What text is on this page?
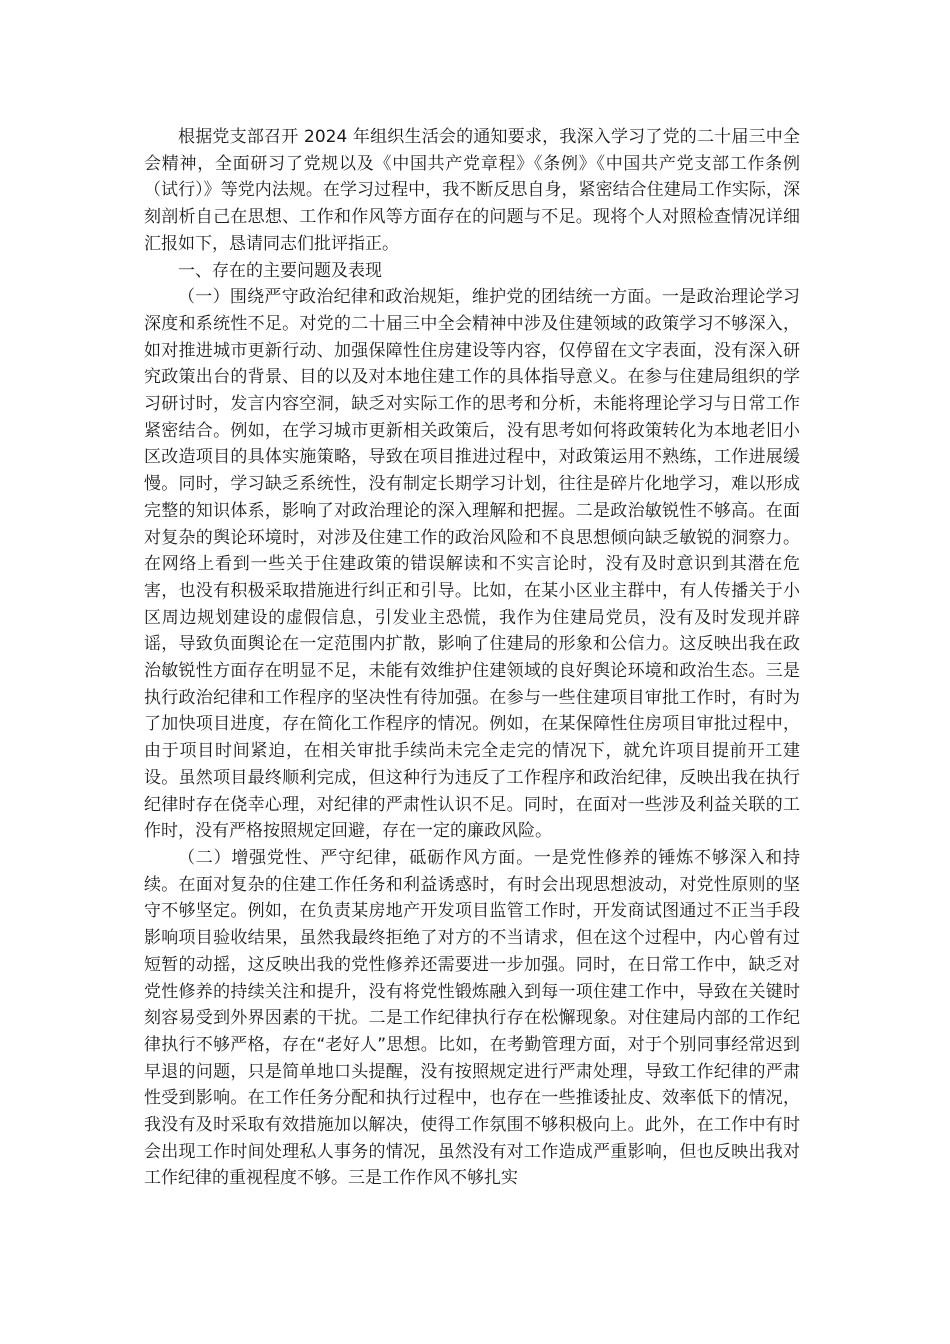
根据党支部召开 2024 年组织生活会的通知要求，我深入学习了党的二十届三中全会精神，全面研习了党规以及《中国共产党章程》《条例》《中国共产党支部工作条例（试行）》等党内法规。在学习过程中，我不断反思自身，紧密结合住建局工作实际，深刻剖析自己在思想、工作和作风等方面存在的问题与不足。现将个人对照检查情况详细汇报如下，恳请同志们批评指正。

一、存在的主要问题及表现

（一）围绕严守政治纪律和政治规矩，维护党的团结统一方面。一是政治理论学习深度和系统性不足。对党的二十届三中全会精神中涉及住建领域的政策学习不够深入，如对推进城市更新行动、加强保障性住房建设等内容，仅停留在文字表面，没有深入研究政策出台的背景、目的以及对本地住建工作的具体指导意义。在参与住建局组织的学习研讨时，发言内容空洞，缺乏对实际工作的思考和分析，未能将理论学习与日常工作紧密结合。例如，在学习城市更新相关政策后，没有思考如何将政策转化为本地老旧小区改造项目的具体实施策略，导致在项目推进过程中，对政策运用不熟练，工作进展缓慢。同时，学习缺乏系统性，没有制定长期学习计划，往往是碎片化地学习，难以形成完整的知识体系，影响了对政治理论的深入理解和把握。二是政治敏锐性不够高。在面对复杂的舆论环境时，对涉及住建工作的政治风险和不良思想倾向缺乏敏锐的洞察力。在网络上看到一些关于住建政策的错误解读和不实言论时，没有及时意识到其潜在危害，也没有积极采取措施进行纠正和引导。比如，在某小区业主群中，有人传播关于小区周边规划建设的虚假信息，引发业主恐慌，我作为住建局党员，没有及时发现并辟谣，导致负面舆论在一定范围内扩散，影响了住建局的形象和公信力。这反映出我在政治敏锐性方面存在明显不足，未能有效维护住建领域的良好舆论环境和政治生态。三是执行政治纪律和工作程序的坚决性有待加强。在参与一些住建项目审批工作时，有时为了加快项目进度，存在简化工作程序的情况。例如，在某保障性住房项目审批过程中，由于项目时间紧迫，在相关审批手续尚未完全走完的情况下，就允许项目提前开工建设。虽然项目最终顺利完成，但这种行为违反了工作程序和政治纪律，反映出我在执行纪律时存在侥幸心理，对纪律的严肃性认识不足。同时，在面对一些涉及利益关联的工作时，没有严格按照规定回避，存在一定的廉政风险。

（二）增强党性、严守纪律，砥砺作风方面。一是党性修养的锤炼不够深入和持续。在面对复杂的住建工作任务和利益诱惑时，有时会出现思想波动，对党性原则的坚守不够坚定。例如，在负责某房地产开发项目监管工作时，开发商试图通过不正当手段影响项目验收结果，虽然我最终拒绝了对方的不当请求，但在这个过程中，内心曾有过短暂的动摇，这反映出我的党性修养还需要进一步加强。同时，在日常工作中，缺乏对党性修养的持续关注和提升，没有将党性锻炼融入到每一项住建工作中，导致在关键时刻容易受到外界因素的干扰。二是工作纪律执行存在松懈现象。对住建局内部的工作纪律执行不够严格，存在“老好人”思想。比如，在考勤管理方面，对于个别同事经常迟到早退的问题，只是简单地口头提醒，没有按照规定进行严肃处理，导致工作纪律的严肃性受到影响。在工作任务分配和执行过程中，也存在一些推诿扯皮、效率低下的情况，我没有及时采取有效措施加以解决，使得工作氛围不够积极向上。此外，在工作中有时会出现工作时间处理私人事务的情况，虽然没有对工作造成严重影响，但也反映出我对工作纪律的重视程度不够。三是工作作风不够扎实
